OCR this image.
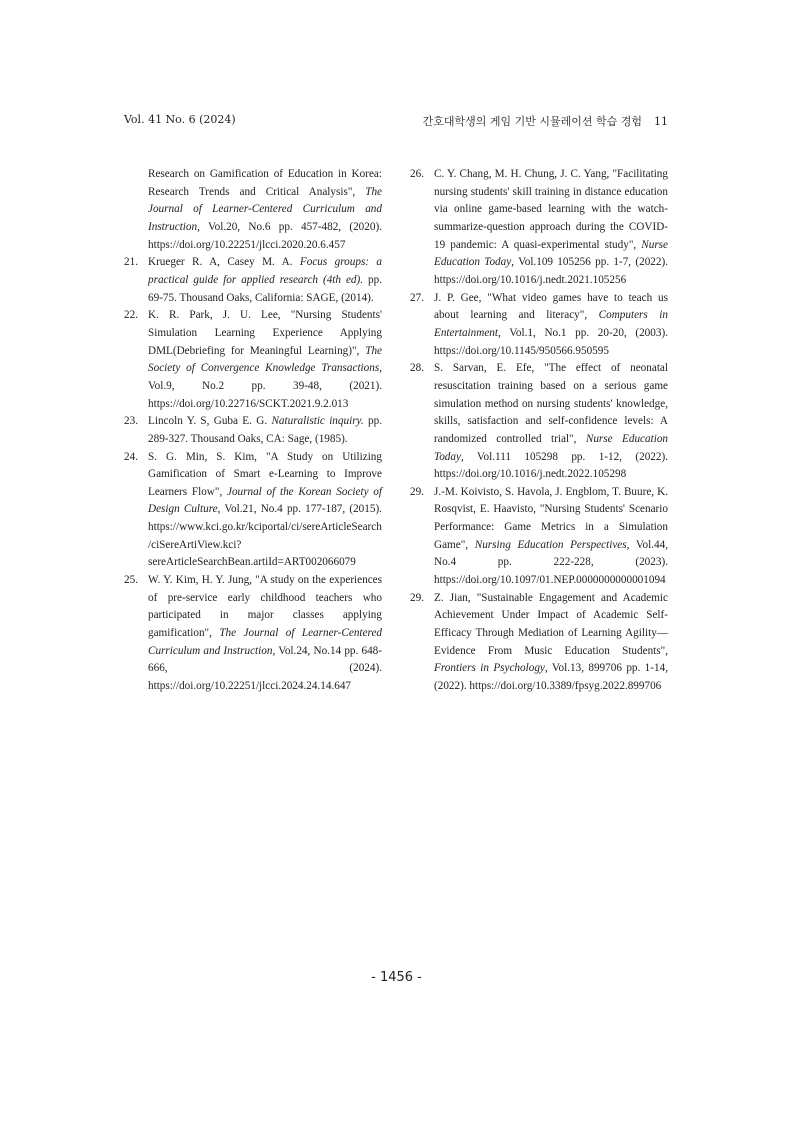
Vol. 41 No. 6 (2024)	간호대학생의 게임 기반 시뮬레이션 학습 경험 11
Research on Gamification of Education in Korea: Research Trends and Critical Analysis", The Journal of Learner-Centered Curriculum and Instruction, Vol.20, No.6 pp. 457-482, (2020). https://doi.org/10.22251/jlcci.2020.20.6.457
21. Krueger R. A, Casey M. A. Focus groups: a practical guide for applied research (4th ed). pp. 69-75. Thousand Oaks, California: SAGE, (2014).
22. K. R. Park, J. U. Lee, "Nursing Students' Simulation Learning Experience Applying DML(Debriefing for Meaningful Learning)", The Society of Convergence Knowledge Transactions, Vol.9, No.2 pp. 39-48, (2021). https://doi.org/10.22716/SCKT.2021.9.2.013
23. Lincoln Y. S, Guba E. G. Naturalistic inquiry. pp. 289-327. Thousand Oaks, CA: Sage, (1985).
24. S. G. Min, S. Kim, "A Study on Utilizing Gamification of Smart e-Learning to Improve Learners Flow", Journal of the Korean Society of Design Culture, Vol.21, No.4 pp. 177-187, (2015). https://www.kci.go.kr/kciportal/ci/sereArticleSearch/ciSereArtiView.kci?sereArticleSearchBean.artiId=ART002066079
25. W. Y. Kim, H. Y. Jung, "A study on the experiences of pre-service early childhood teachers who participated in major classes applying gamification", The Journal of Learner-Centered Curriculum and Instruction, Vol.24, No.14 pp. 648-666, (2024). https://doi.org/10.22251/jlcci.2024.24.14.647
26. C. Y. Chang, M. H. Chung, J. C. Yang, "Facilitating nursing students' skill training in distance education via online game-based learning with the watch-summarize-question approach during the COVID-19 pandemic: A quasi-experimental study", Nurse Education Today, Vol.109 105256 pp. 1-7, (2022). https://doi.org/10.1016/j.nedt.2021.105256
27. J. P. Gee, "What video games have to teach us about learning and literacy", Computers in Entertainment, Vol.1, No.1 pp. 20-20, (2003). https://doi.org/10.1145/950566.950595
28. S. Sarvan, E. Efe, "The effect of neonatal resuscitation training based on a serious game simulation method on nursing students' knowledge, skills, satisfaction and self-confidence levels: A randomized controlled trial", Nurse Education Today, Vol.111 105298 pp. 1-12, (2022). https://doi.org/10.1016/j.nedt.2022.105298
29. J.-M. Koivisto, S. Havola, J. Engblom, T. Buure, K. Rosqvist, E. Haavisto, "Nursing Students' Scenario Performance: Game Metrics in a Simulation Game", Nursing Education Perspectives, Vol.44, No.4 pp. 222-228, (2023). https://doi.org/10.1097/01.NEP.0000000000001094
29. Z. Jian, "Sustainable Engagement and Academic Achievement Under Impact of Academic Self-Efficacy Through Mediation of Learning Agility—Evidence From Music Education Students", Frontiers in Psychology, Vol.13, 899706 pp. 1-14, (2022). https://doi.org/10.3389/fpsyg.2022.899706
- 1456 -
